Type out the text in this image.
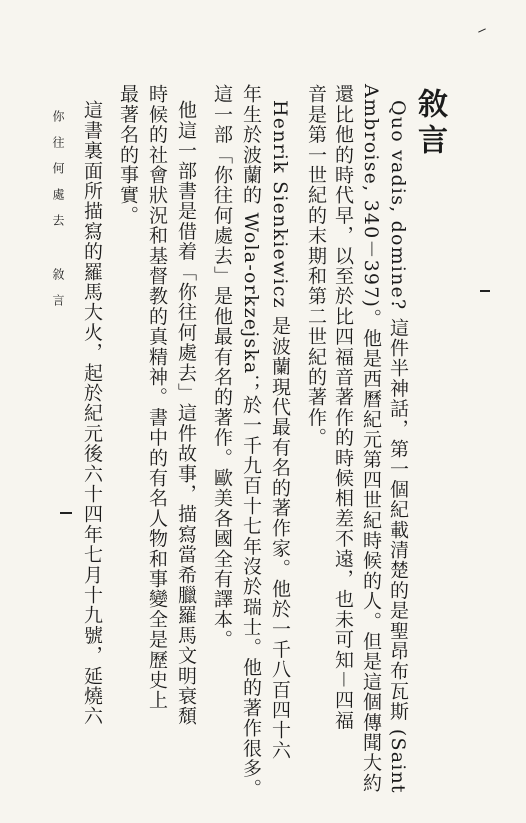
敘言
Quo vadis, domine? 這件半神話，第一個紀載清楚的是聖昂布瓦斯 (Saint
Ambroise, 340－397)。他是西曆紀元第四世紀時候的人。但是這個傳聞大約
還比他的時代早，以至於比四福音著作的時候相差不遠，也未可知－四福
音是第一世紀的末期和第二世紀的著作。
Henrik Sienkiewicz 是波蘭現代最有名的著作家。他於一千八百四十六
年生於波蘭的 Wola-orkzejska；於一千九百十七年沒於瑞士。他的著作很多。
這一部「你往何處去」是他最有名的著作。歐美各國全有譯本。
他這一部書是借着「你往何處去」這件故事，描寫當希臘羅馬文明衰頹
時候的社會狀況和基督教的真精神。書中的有名人物和事變全是歷史上
最著名的事實。
這書裏面所描寫的羅馬大火，起於紀元後六十四年七月十九號，延燒六
你往何處去
敘言
